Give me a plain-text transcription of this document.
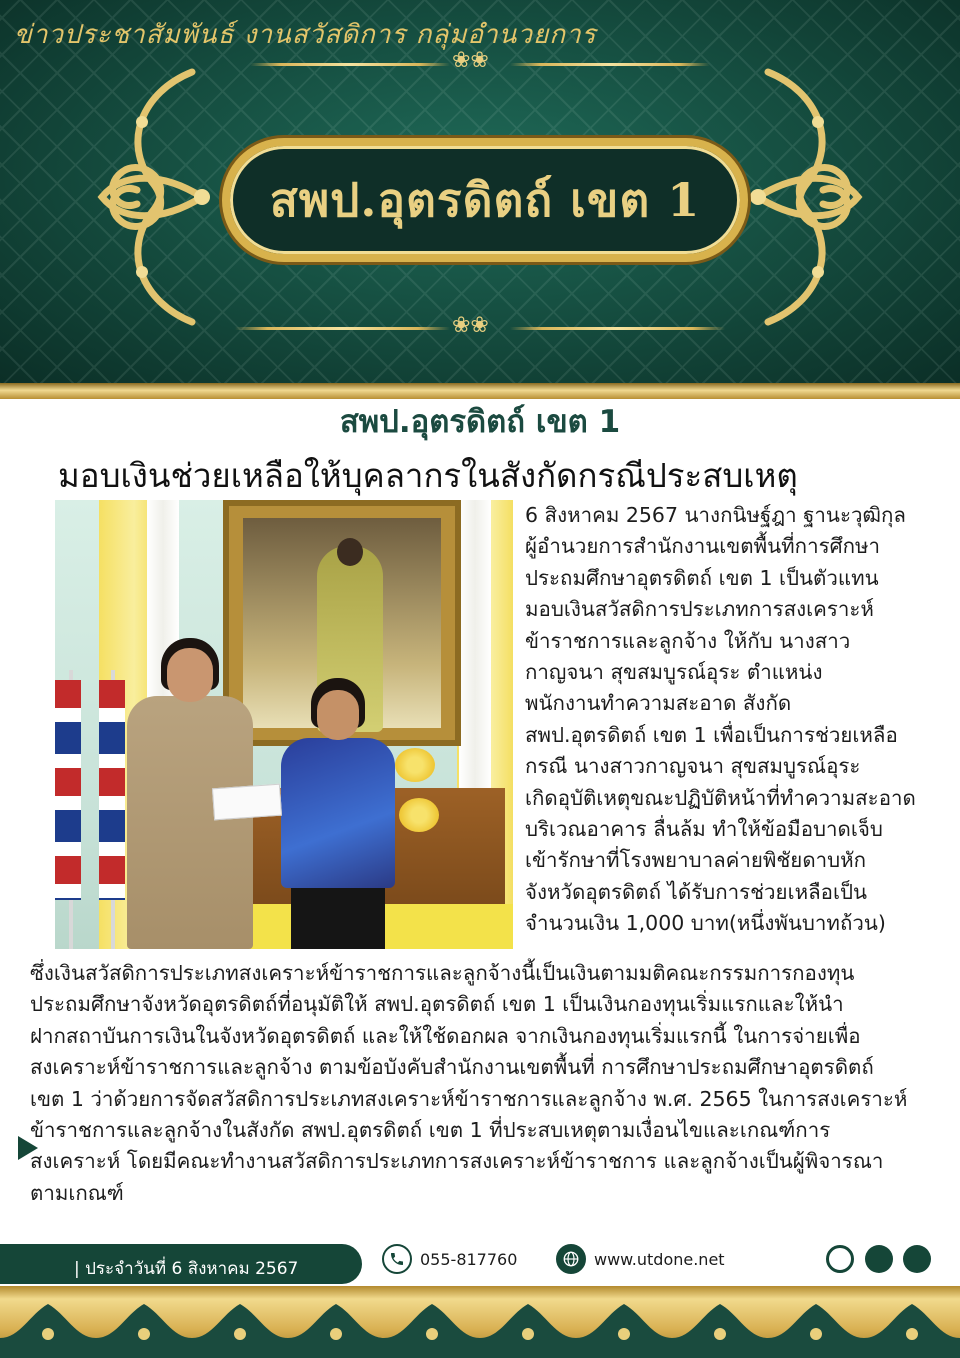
ข่าวประชาสัมพันธ์ งานสวัสดิการ กลุ่มอำนวยการ
❀❀
สพป.อุตรดิตถ์ เขต 1
❀❀
สพป.อุตรดิตถ์ เขต 1
มอบเงินช่วยเหลือให้บุคลากรในสังกัดกรณีประสบเหตุ

6 สิงหาคม 2567 นางกนิษฐ์ฎา ฐานะวุฒิกุล

ผู้อำนวยการสำนักงานเขตพื้นที่การศึกษา

ประถมศึกษาอุตรดิตถ์ เขต 1 เป็นตัวแทน

มอบเงินสวัสดิการประเภทการสงเคราะห์

ข้าราชการและลูกจ้าง ให้กับ นางสาว

กาญจนา สุขสมบูรณ์อุระ ตำแหน่ง

พนักงานทำความสะอาด สังกัด

สพป.อุตรดิตถ์ เขต 1 เพื่อเป็นการช่วยเหลือ

กรณี นางสาวกาญจนา สุขสมบูรณ์อุระ

เกิดอุบัติเหตุขณะปฏิบัติหน้าที่ทำความสะอาด

บริเวณอาคาร ลื่นล้ม ทำให้ข้อมือบาดเจ็บ

เข้ารักษาที่โรงพยาบาลค่ายพิชัยดาบหัก

จังหวัดอุตรดิตถ์ ได้รับการช่วยเหลือเป็น

จำนวนเงิน 1,000 บาท(หนึ่งพันบาทถ้วน)

ซึ่งเงินสวัสดิการประเภทสงเคราะห์ข้าราชการและลูกจ้างนี้เป็นเงินตามมติคณะกรรมการกองทุน

ประถมศึกษาจังหวัดอุตรดิตถ์ที่อนุมัติให้ สพป.อุตรดิตถ์ เขต 1 เป็นเงินกองทุนเริ่มแรกและให้นำ

ฝากสถาบันการเงินในจังหวัดอุตรดิตถ์ และให้ใช้ดอกผล จากเงินกองทุนเริ่มแรกนี้ ในการจ่ายเพื่อ

สงเคราะห์ข้าราชการและลูกจ้าง ตามข้อบังคับสำนักงานเขตพื้นที่ การศึกษาประถมศึกษาอุตรดิตถ์

เขต 1 ว่าด้วยการจัดสวัสดิการประเภทสงเคราะห์ข้าราชการและลูกจ้าง พ.ศ. 2565 ในการสงเคราะห์

ข้าราชการและลูกจ้างในสังกัด สพป.อุตรดิตถ์ เขต 1 ที่ประสบเหตุตามเงื่อนไขและเกณฑ์การ

สงเคราะห์ โดยมีคณะทำงานสวัสดิการประเภทการสงเคราะห์ข้าราชการ และลูกจ้างเป็นผู้พิจารณา

ตามเกณฑ์

| ประจำวันที่ 6 สิงหาคม 2567	055-817760	www.utdone.net
